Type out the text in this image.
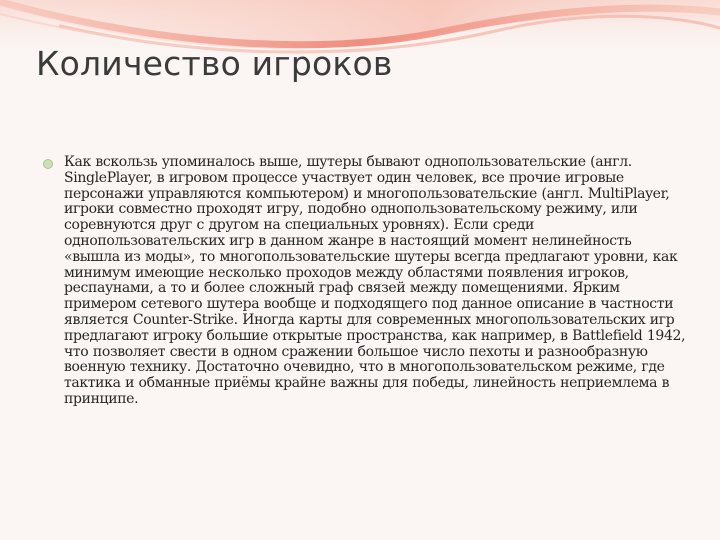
Количество игроков

Как вскользь упоминалось выше, шутеры бывают однопользовательские (англ. SinglePlayer, в игровом процессе участвует один человек, все прочие игровые персонажи управляются компьютером) и многопользовательские (англ. MultiPlayer, игроки совместно проходят игру, подобно однопользовательскому режиму, или соревнуются друг с другом на специальных уровнях). Если среди однопользовательских игр в данном жанре в настоящий момент нелинейность «вышла из моды», то многопользовательские шутеры всегда предлагают уровни, как минимум имеющие несколько проходов между областями появления игроков, респаунами, а то и более сложный граф связей между помещениями. Ярким примером сетевого шутера вообще и подходящего под данное описание в частности является Counter-Strike. Иногда карты для современных многопользовательских игр предлагают игроку большие открытые пространства, как например, в Battlefield 1942, что позволяет свести в одном сражении большое число пехоты и разнообразную военную технику. Достаточно очевидно, что в многопользовательском режиме, где тактика и обманные приёмы крайне важны для победы, линейность неприемлема в принципе.
